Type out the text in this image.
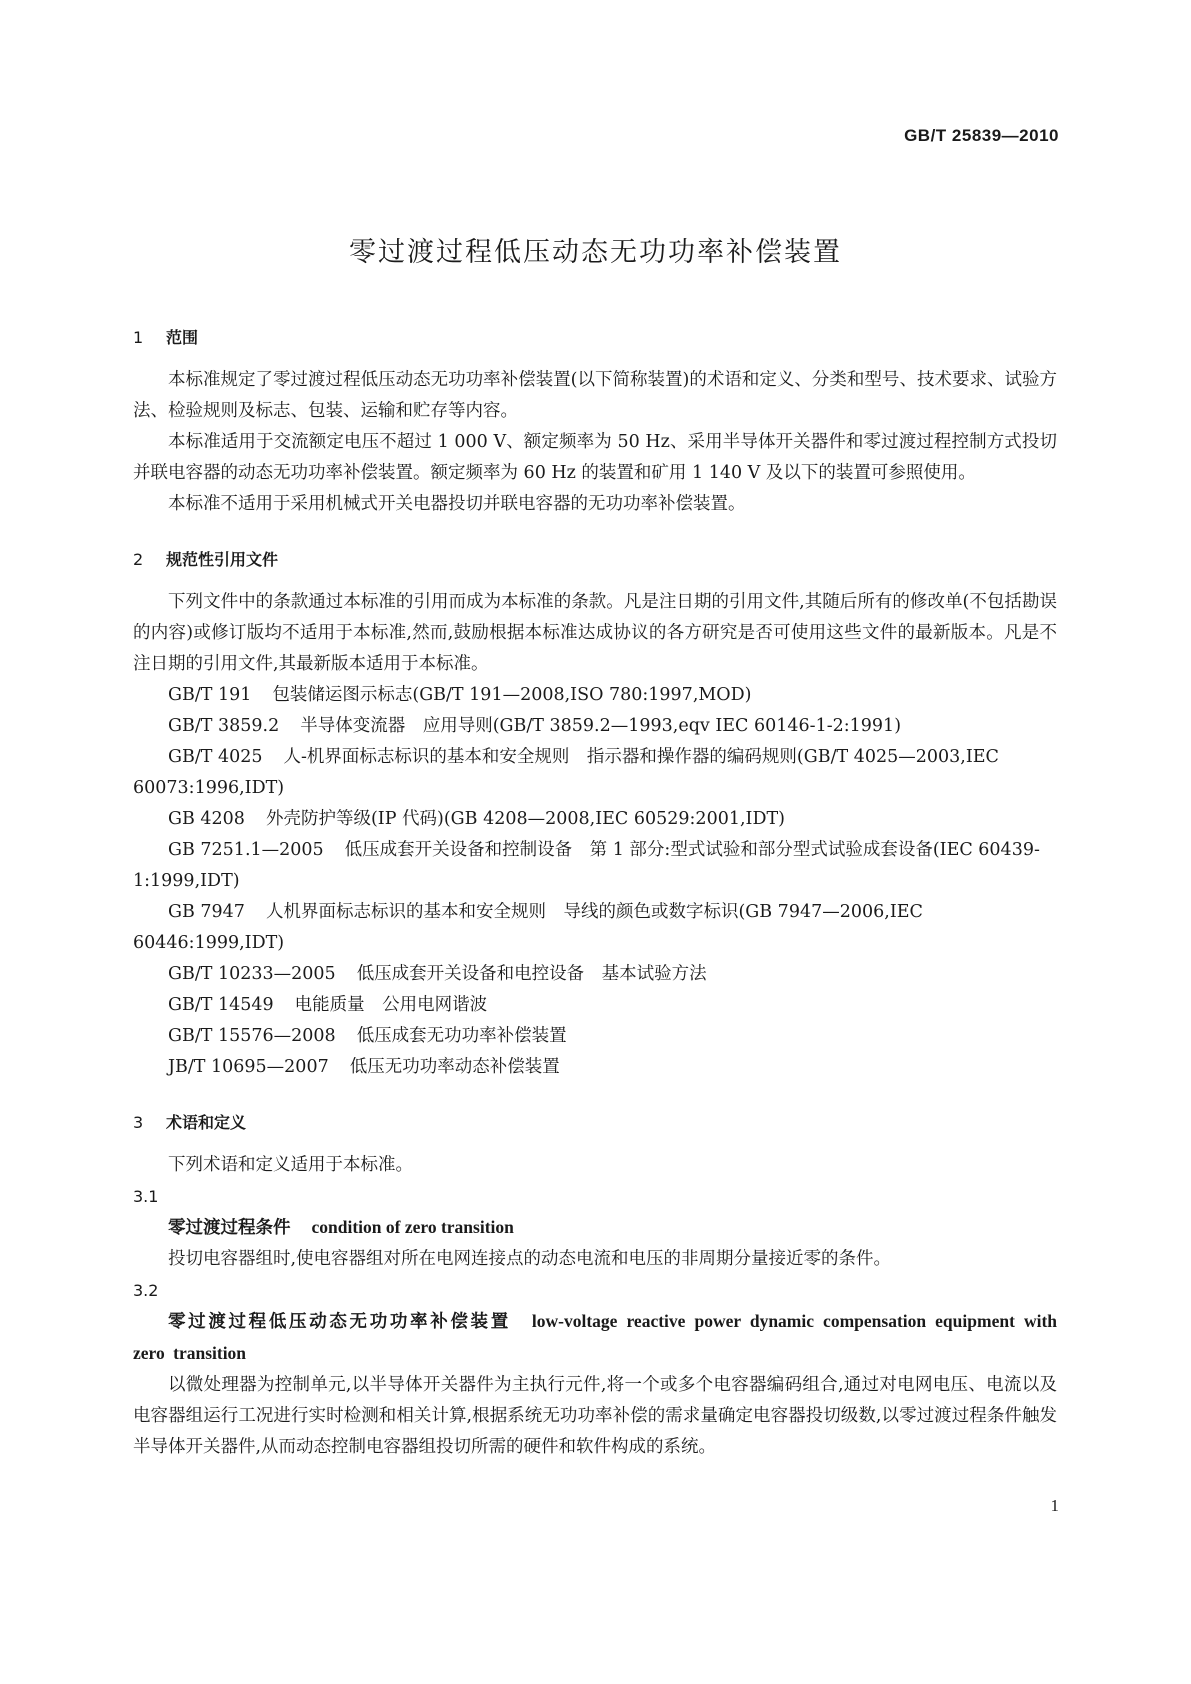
GB/T 25839—2010
零过渡过程低压动态无功功率补偿装置
1 范围

本标准规定了零过渡过程低压动态无功功率补偿装置(以下简称装置)的术语和定义、分类和型号、技术要求、试验方法、检验规则及标志、包装、运输和贮存等内容。

本标准适用于交流额定电压不超过 1 000 V、额定频率为 50 Hz、采用半导体开关器件和零过渡过程控制方式投切并联电容器的动态无功功率补偿装置。额定频率为 60 Hz 的装置和矿用 1 140 V 及以下的装置可参照使用。

本标准不适用于采用机械式开关电器投切并联电容器的无功功率补偿装置。

2 规范性引用文件

下列文件中的条款通过本标准的引用而成为本标准的条款。凡是注日期的引用文件,其随后所有的修改单(不包括勘误的内容)或修订版均不适用于本标准,然而,鼓励根据本标准达成协议的各方研究是否可使用这些文件的最新版本。凡是不注日期的引用文件,其最新版本适用于本标准。

GB/T 191 包装储运图示标志(GB/T 191—2008,ISO 780:1997,MOD)

GB/T 3859.2 半导体变流器　应用导则(GB/T 3859.2—1993,eqv IEC 60146-1-2:1991)

GB/T 4025 人-机界面标志标识的基本和安全规则　指示器和操作器的编码规则(GB/T 4025—2003,IEC 60073:1996,IDT)

GB 4208 外壳防护等级(IP 代码)(GB 4208—2008,IEC 60529:2001,IDT)

GB 7251.1—2005 低压成套开关设备和控制设备　第 1 部分:型式试验和部分型式试验成套设备(IEC 60439-1:1999,IDT)

GB 7947 人机界面标志标识的基本和安全规则　导线的颜色或数字标识(GB 7947—2006,IEC 60446:1999,IDT)

GB/T 10233—2005 低压成套开关设备和电控设备　基本试验方法

GB/T 14549 电能质量　公用电网谐波

GB/T 15576—2008 低压成套无功功率补偿装置

JB/T 10695—2007 低压无功功率动态补偿装置

3 术语和定义

下列术语和定义适用于本标准。

3.1

零过渡过程条件 condition of zero transition

投切电容器组时,使电容器组对所在电网连接点的动态电流和电压的非周期分量接近零的条件。

3.2

零过渡过程低压动态无功功率补偿装置 low-voltage reactive power dynamic compensation equipment with zero transition

以微处理器为控制单元,以半导体开关器件为主执行元件,将一个或多个电容器编码组合,通过对电网电压、电流以及电容器组运行工况进行实时检测和相关计算,根据系统无功功率补偿的需求量确定电容器投切级数,以零过渡过程条件触发半导体开关器件,从而动态控制电容器组投切所需的硬件和软件构成的系统。

1
